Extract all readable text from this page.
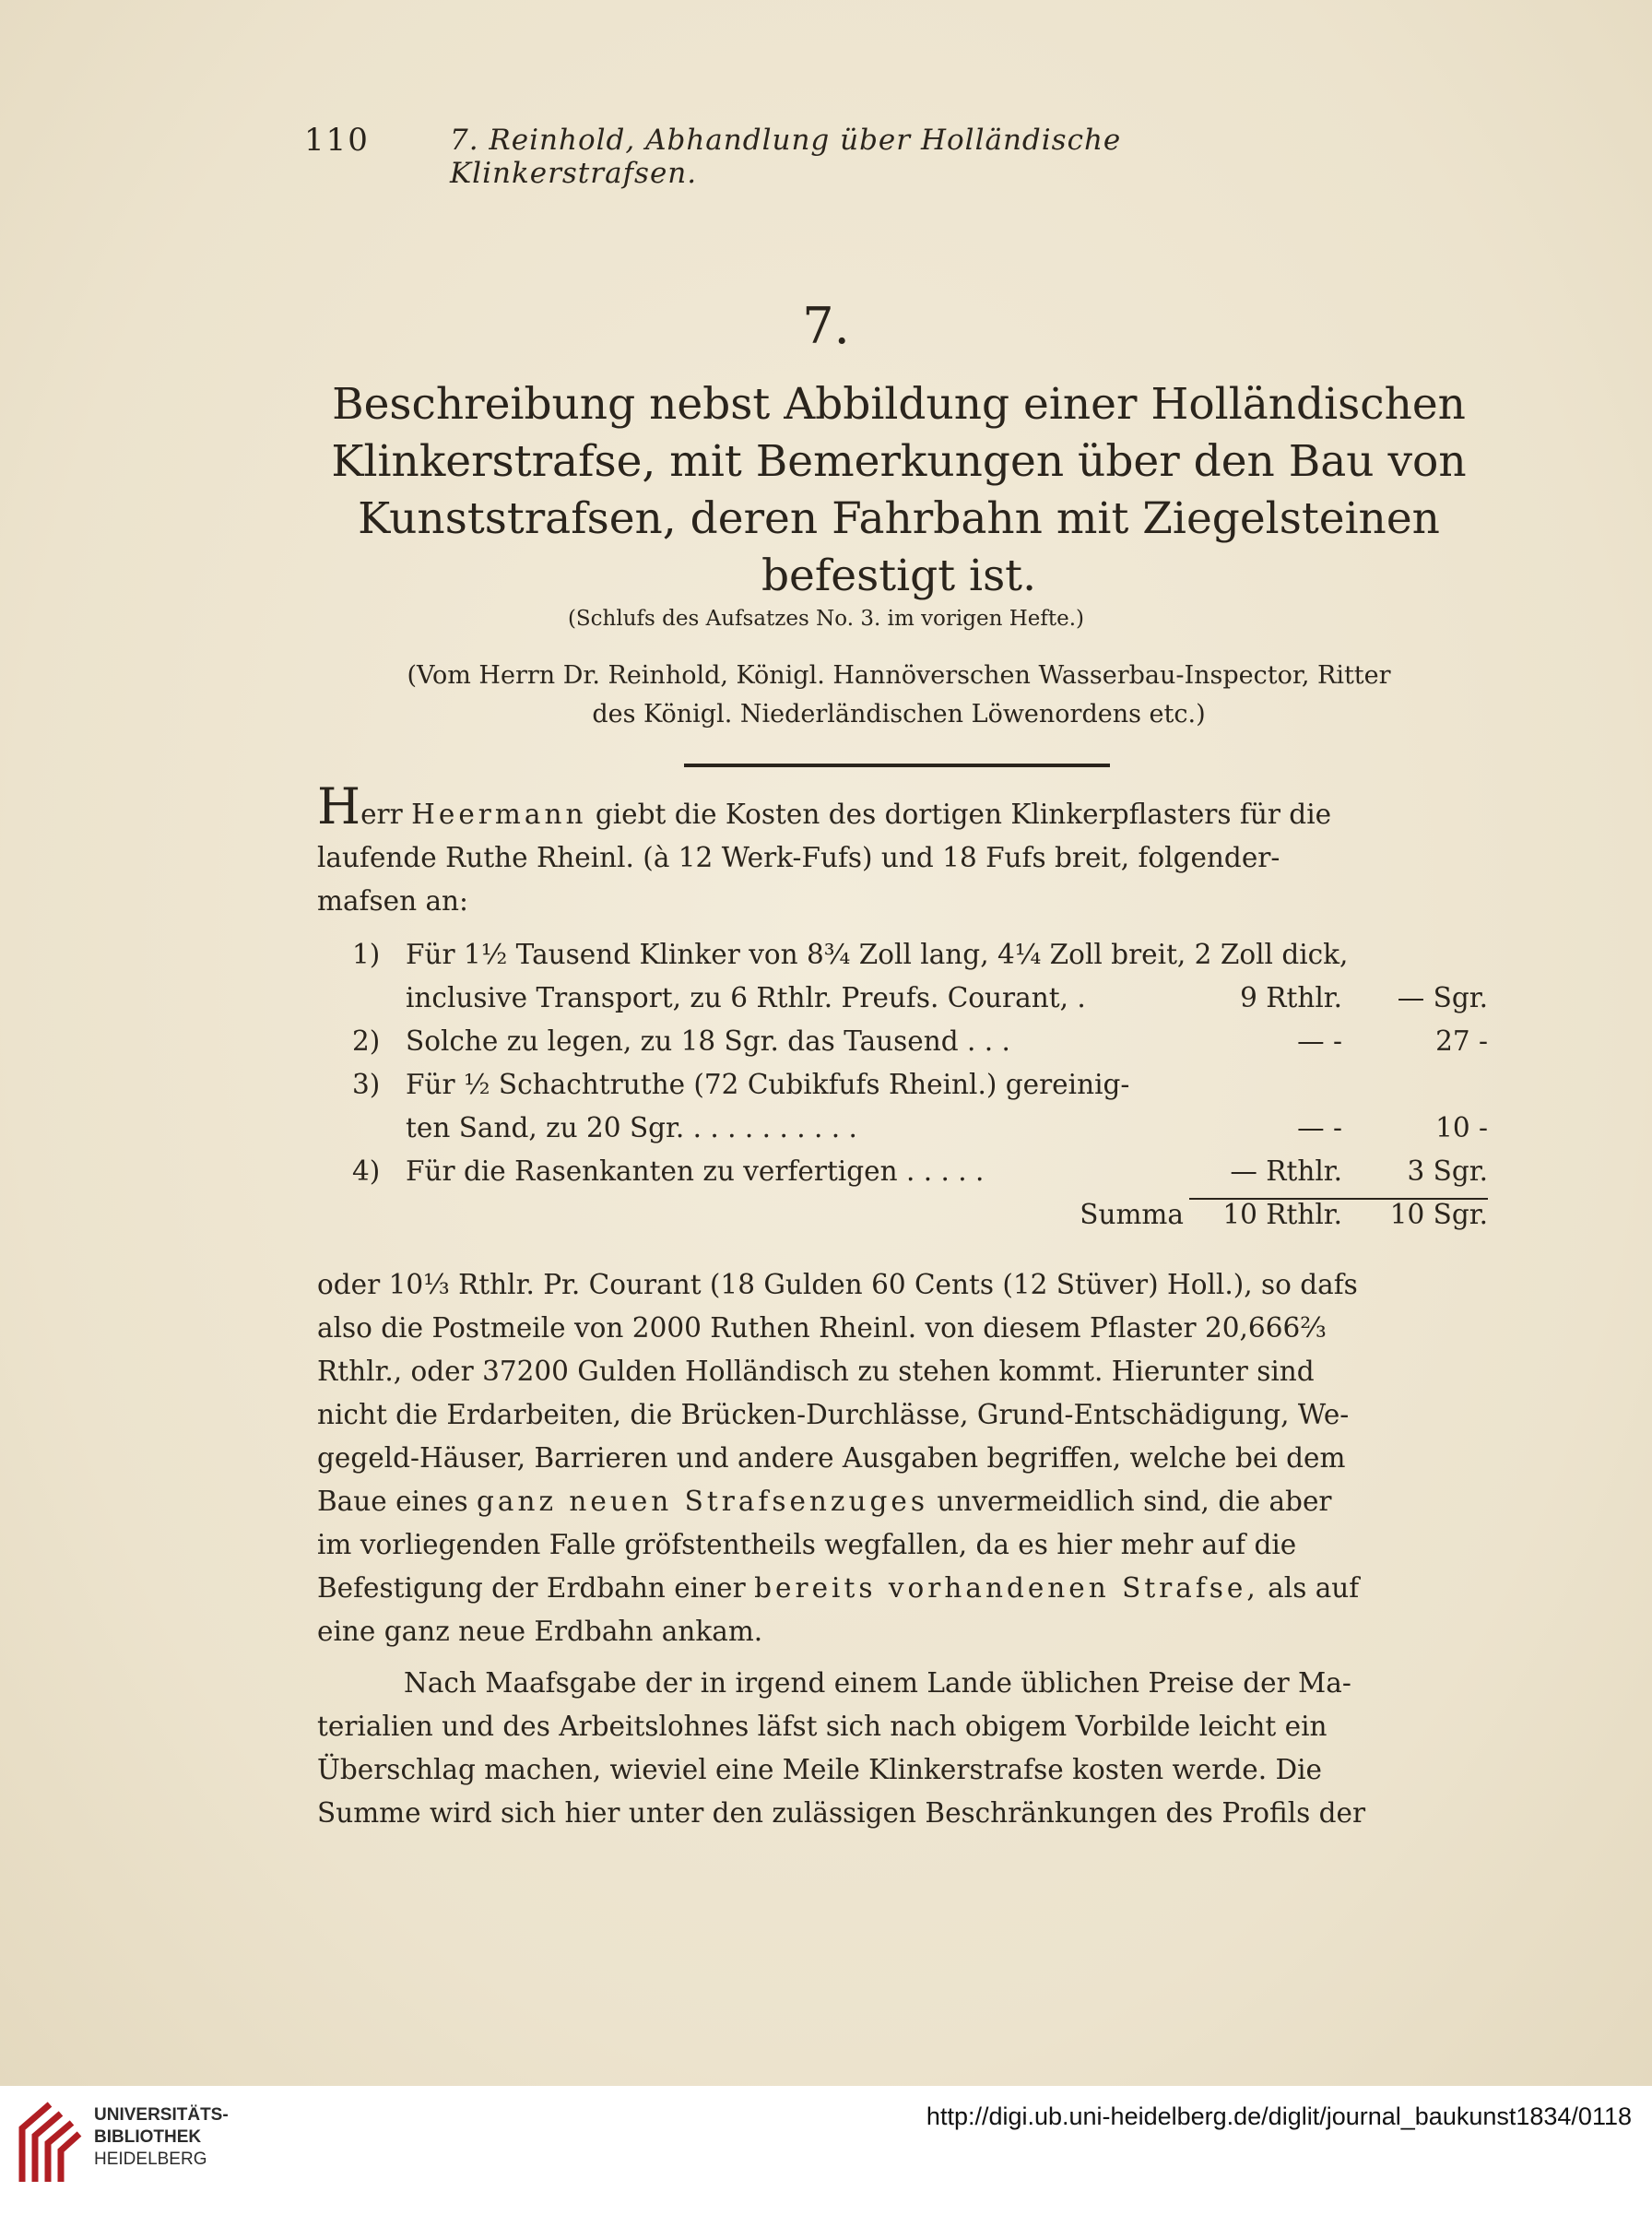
110	7. Reinhold, Abhandlung über Holländische Klinkerstrafsen.
7.
Beschreibung nebst Abbildung einer Holländischen
Klinkerstrafse, mit Bemerkungen über den Bau von
Kunststrafsen, deren Fahrbahn mit Ziegelsteinen
befestigt ist.
(Schlufs des Aufsatzes No. 3. im vorigen Hefte.)
(Vom Herrn Dr. Reinhold, Königl. Hannöverschen Wasserbau-Inspector, Ritter
des Königl. Niederländischen Löwenordens etc.)
Herr Heermann giebt die Kosten des dortigen Klinkerpflasters für die
laufende Ruthe Rheinl. (à 12 Werk-Fufs) und 18 Fufs breit, folgender-
mafsen an:
1) Für 1½ Tausend Klinker von 8¾ Zoll lang, 4¼ Zoll breit, 2 Zoll dick,
inclusive Transport, zu 6 Rthlr. Preufs. Courant, .	9 Rthlr. — Sgr.
2) Solche zu legen, zu 18 Sgr. das Tausend . . .	— -	27 -
3) Für ½ Schachtruthe (72 Cubikfufs Rheinl.) gereinig-
ten Sand, zu 20 Sgr. . . . . . . . . . .	— -	10 -
4) Für die Rasenkanten zu verfertigen . . . . .	— Rthlr. 3 Sgr.
Summa 10 Rthlr. 10 Sgr.
oder 10⅓ Rthlr. Pr. Courant (18 Gulden 60 Cents (12 Stüver) Holl.), so dafs
also die Postmeile von 2000 Ruthen Rheinl. von diesem Pflaster 20,666⅔
Rthlr., oder 37200 Gulden Holländisch zu stehen kommt. Hierunter sind
nicht die Erdarbeiten, die Brücken-Durchlässe, Grund-Entschädigung, We-
gegeld-Häuser, Barrieren und andere Ausgaben begriffen, welche bei dem
Baue eines ganz neuen Strafsenzuges unvermeidlich sind, die aber
im vorliegenden Falle gröfstentheils wegfallen, da es hier mehr auf die
Befestigung der Erdbahn einer bereits vorhandenen Strafse, als auf
eine ganz neue Erdbahn ankam.
Nach Maafsgabe der in irgend einem Lande üblichen Preise der Ma-
terialien und des Arbeitslohnes läfst sich nach obigem Vorbilde leicht ein
Überschlag machen, wieviel eine Meile Klinkerstrafse kosten werde. Die
Summe wird sich hier unter den zulässigen Beschränkungen des Profils der
UNIVERSITÄTS-
BIBLIOTHEK
HEIDELBERG
http://digi.ub.uni-heidelberg.de/diglit/journal_baukunst1834/0118
